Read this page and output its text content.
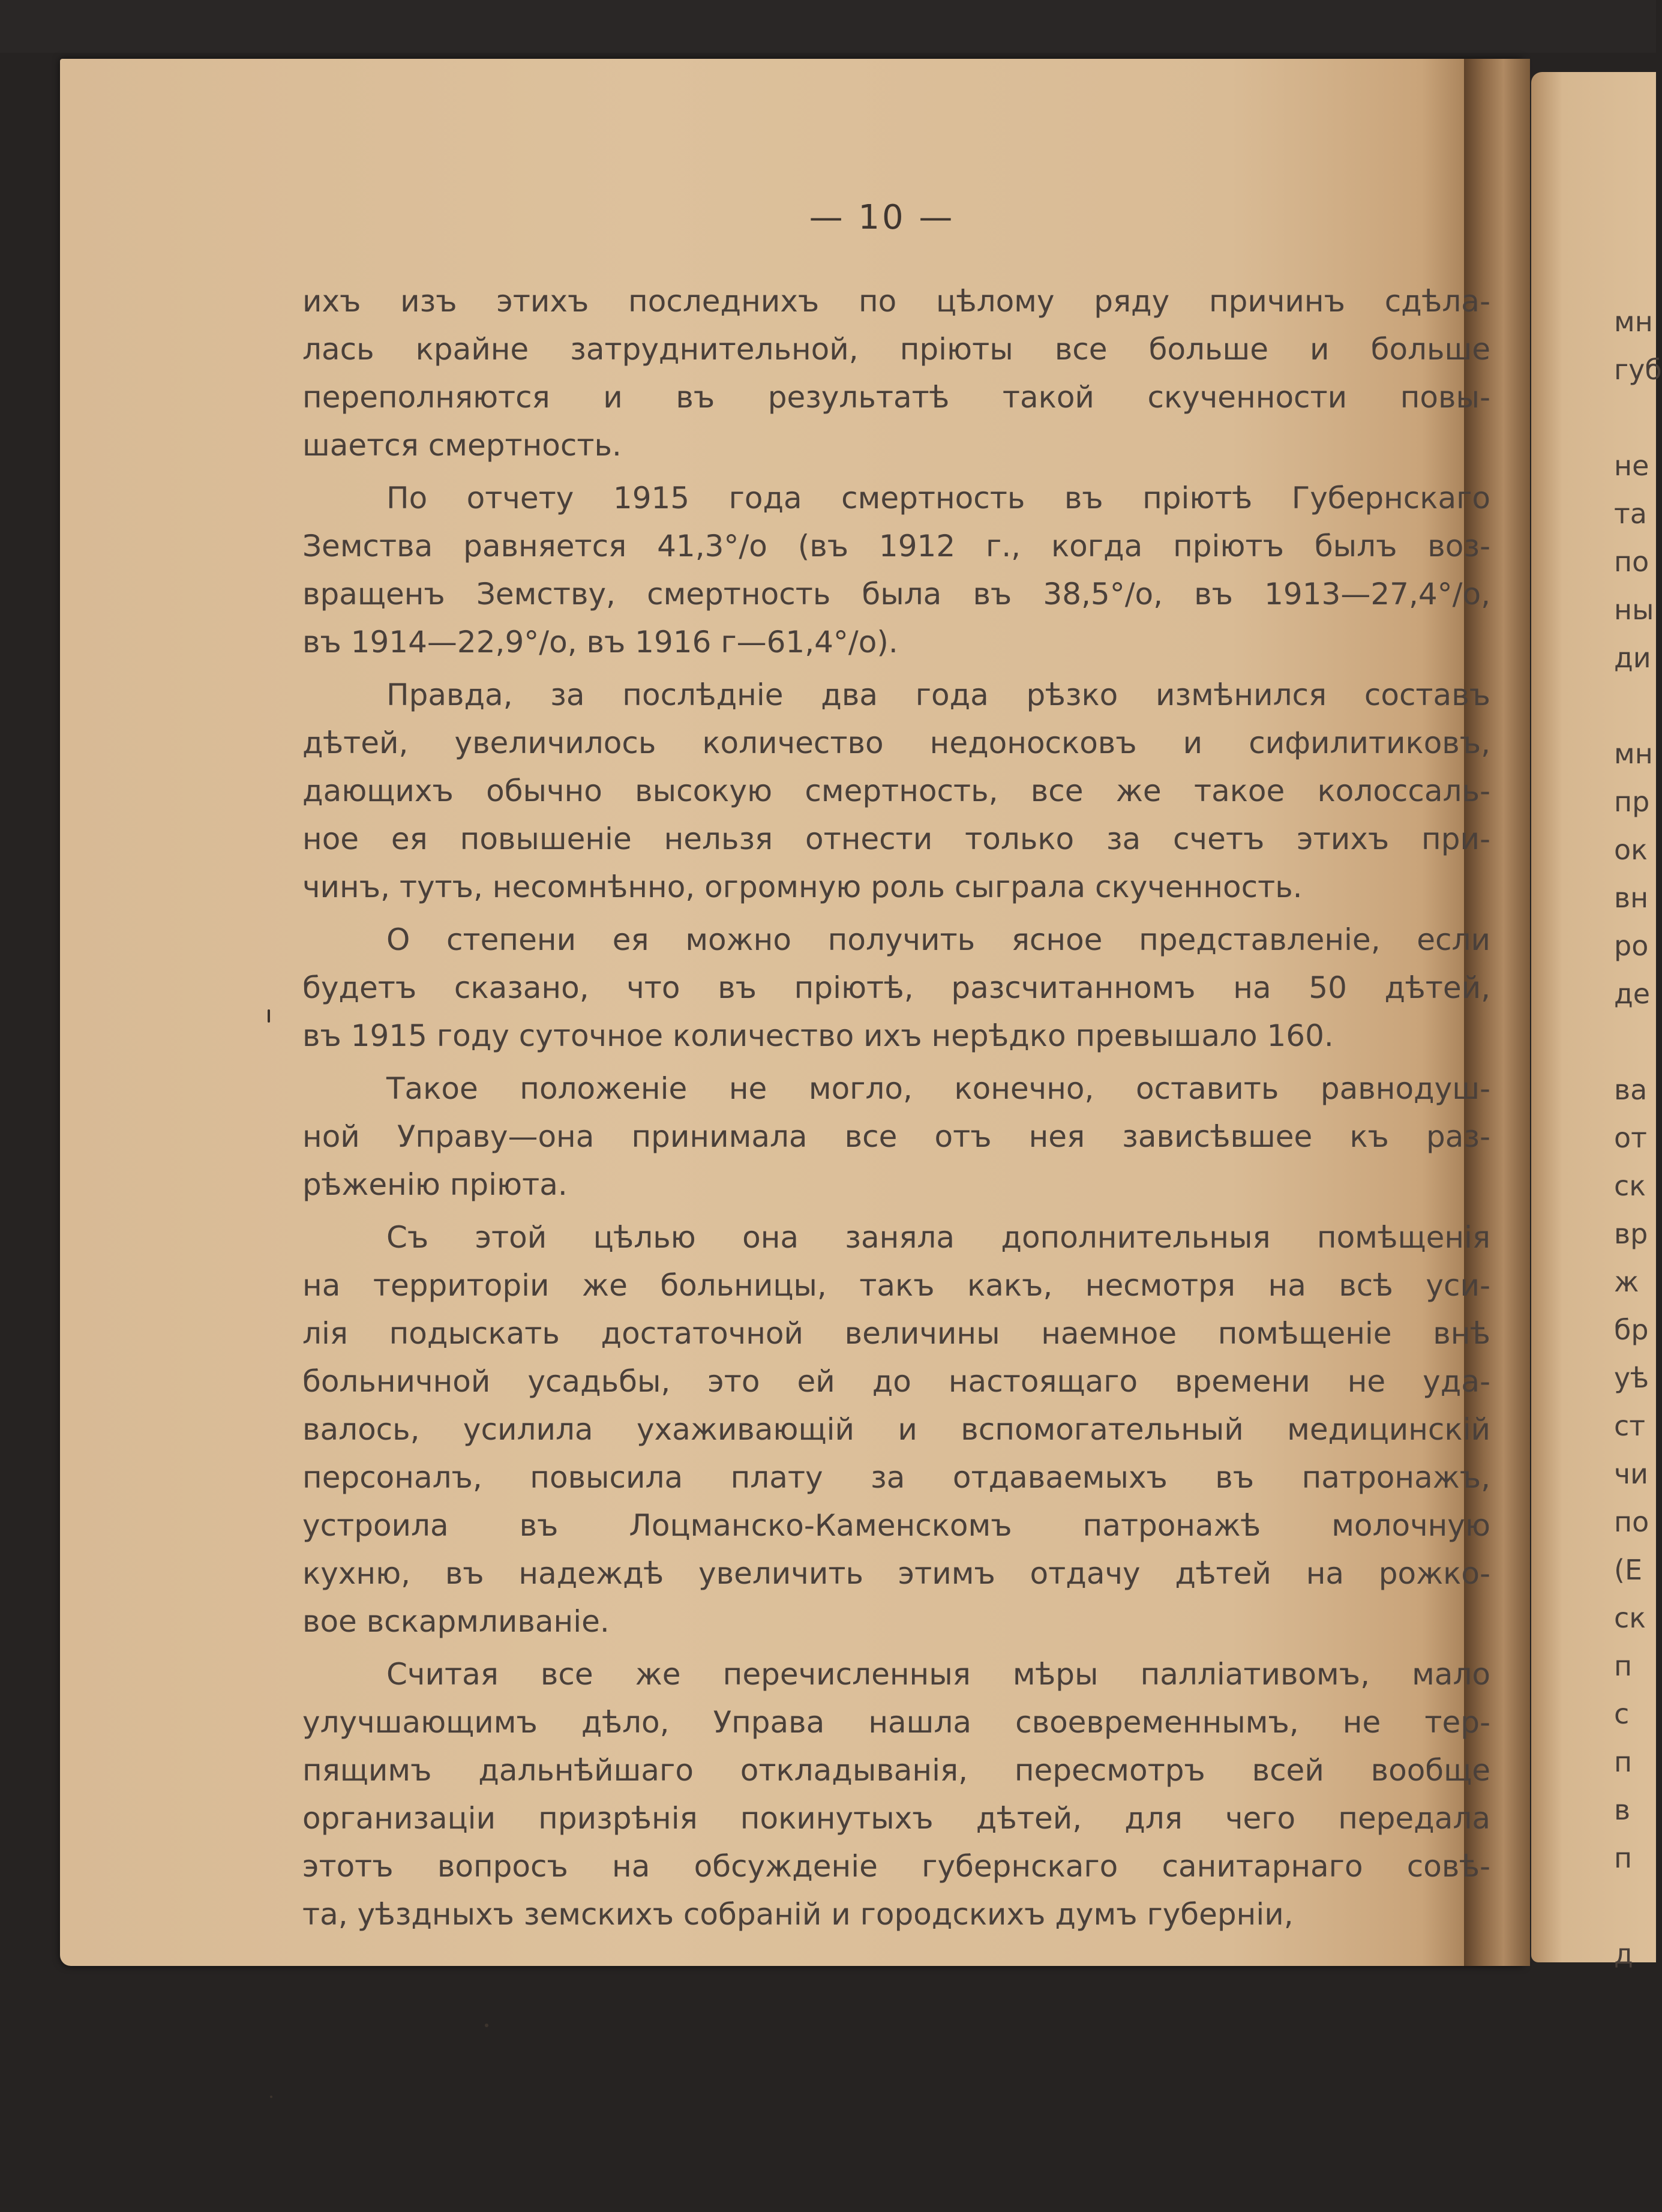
— 10 —
ихъ изъ этихъ последнихъ по цѣлому ряду причинъ сдѣла-
лась крайне затруднительной, пріюты все больше и больше
переполняются и въ результатѣ такой скученности повы-
шается смертность.
По отчету 1915 года смертность въ пріютѣ Губернскаго
Земства равняется 41,3°/о (въ 1912 г., когда пріютъ былъ воз-
вращенъ Земству, смертность была въ 38,5°/о, въ 1913—27,4°/о,
въ 1914—22,9°/о, въ 1916 г—61,4°/о).
Правда, за послѣдніе два года рѣзко измѣнился составъ
дѣтей, увеличилось количество недоносковъ и сифилитиковъ,
дающихъ обычно высокую смертность, все же такое колоссаль-
ное ея повышеніе нельзя отнести только за счетъ этихъ при-
чинъ, тутъ, несомнѣнно, огромную роль сыграла скученность.
О степени ея можно получить ясное представленіе, если
будетъ сказано, что въ пріютѣ, разсчитанномъ на 50 дѣтей,
въ 1915 году суточное количество ихъ нерѣдко превышало 160.
Такое положеніе не могло, конечно, оставить равнодуш-
ной Управу—она принимала все отъ нея зависѣвшее къ раз-
рѣженію пріюта.
Съ этой цѣлью она заняла дополнительныя помѣщенія
на территоріи же больницы, такъ какъ, несмотря на всѣ уси-
лія подыскать достаточной величины наемное помѣщеніе внѣ
больничной усадьбы, это ей до настоящаго времени не уда-
валось, усилила ухаживающій и вспомогательный медицинскій
персоналъ, повысила плату за отдаваемыхъ въ патронажъ,
устроила въ Лоцманско-Каменскомъ патронажѣ молочную
кухню, въ надеждѣ увеличить этимъ отдачу дѣтей на рожко-
вое вскармливаніе.
Считая все же перечисленныя мѣры палліативомъ, мало
улучшающимъ дѣло, Управа нашла своевременнымъ, не тер-
пящимъ дальнѣйшаго откладыванія, пересмотръ всей вообще
организаціи призрѣнія покинутыхъ дѣтей, для чего передала
этотъ вопросъ на обсужденіе губернскаго санитарнаго совѣ-
та, уѣздныхъ земскихъ собраній и городскихъ думъ губерніи,
мн
губ

не
та
по
ны
ди

мн
пр
ок
вн
ро
де

ва
от
ск
вр
ж
бр
уѣ
ст
чи
по
(Е
ск
п
с
п
в
п

д
